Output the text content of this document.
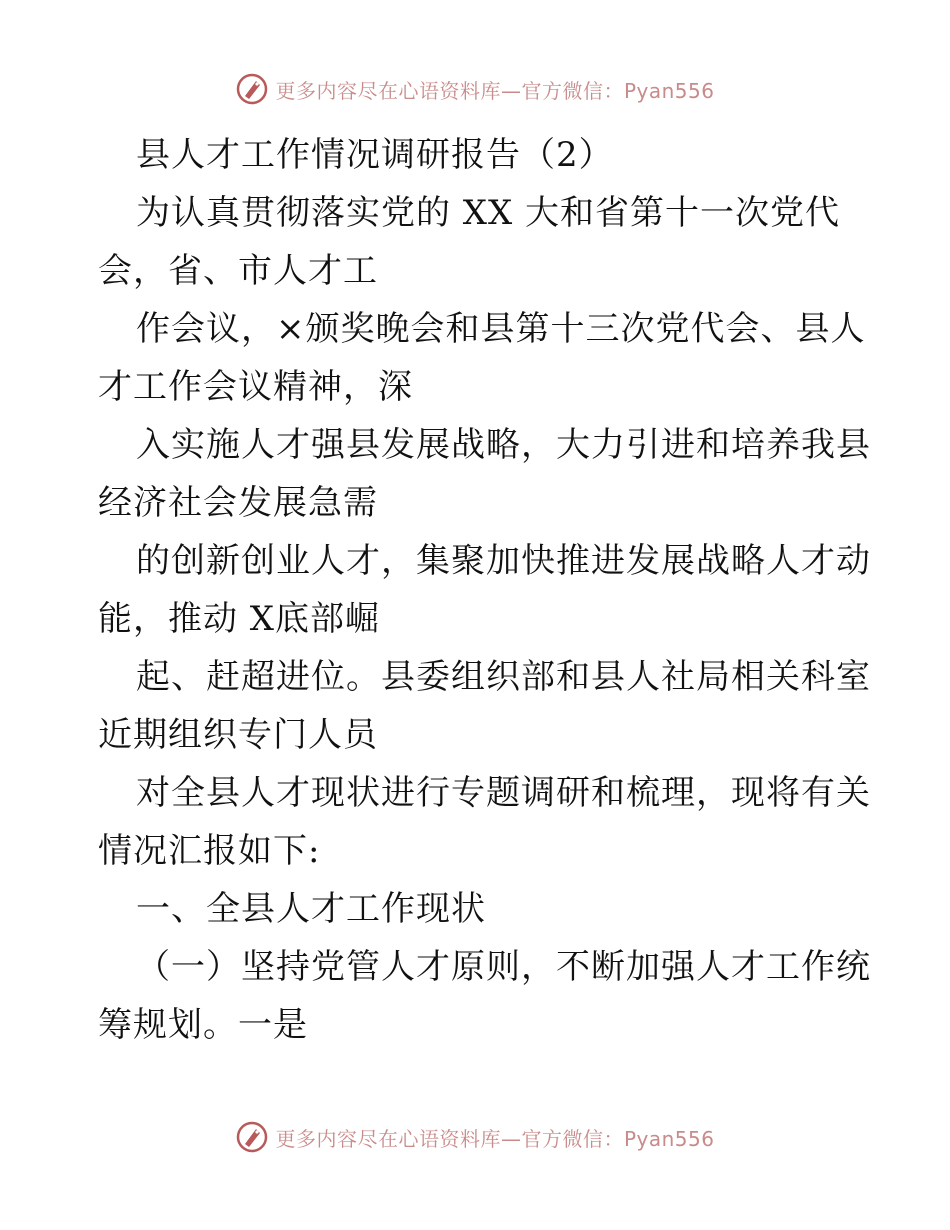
更多内容尽在心语资料库—官方微信：Pyan556
县人才工作情况调研报告（2）
为认真贯彻落实党的 XX 大和省第十一次党代
会，省、市人才工
作会议，×颁奖晚会和县第十三次党代会、县人
才工作会议精神，深
入实施人才强县发展战略，大力引进和培养我县
经济社会发展急需
的创新创业人才，集聚加快推进发展战略人才动
能，推动 X底部崛
起、赶超进位。县委组织部和县人社局相关科室
近期组织专门人员
对全县人才现状进行专题调研和梳理，现将有关
情况汇报如下:
一、全县人才工作现状
（一）坚持党管人才原则，不断加强人才工作统
筹规划。一是
更多内容尽在心语资料库—官方微信：Pyan556
